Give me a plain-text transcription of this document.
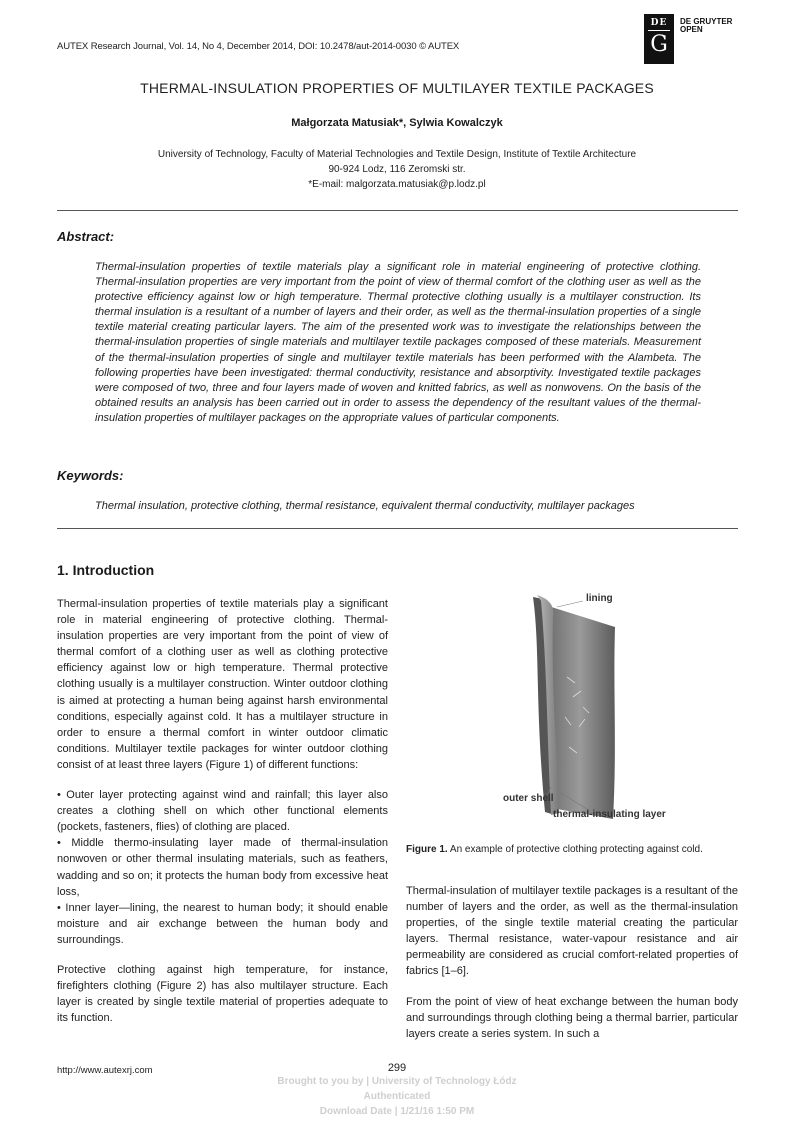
AUTEX Research Journal, Vol. 14, No 4, December 2014, DOI: 10.2478/aut-2014-0030 © AUTEX
DE
G
DE GRUYTER
OPEN
THERMAL-INSULATION PROPERTIES OF MULTILAYER TEXTILE PACKAGES
Małgorzata Matusiak*, Sylwia Kowalczyk
University of Technology, Faculty of Material Technologies and Textile Design, Institute of Textile Architecture
90-924 Lodz, 116 Zeromski str.
*E-mail: malgorzata.matusiak@p.lodz.pl
Abstract:
Thermal-insulation properties of textile materials play a significant role in material engineering of protective clothing. Thermal-insulation properties are very important from the point of view of thermal comfort of the clothing user as well as the protective efficiency against low or high temperature. Thermal protective clothing usually is a multilayer construction. Its thermal insulation is a resultant of a number of layers and their order, as well as the thermal-insulation properties of a single textile material creating particular layers. The aim of the presented work was to investigate the relationships between the thermal-insulation properties of single materials and multilayer textile packages composed of these materials. Measurement of the thermal-insulation properties of single and multilayer textile materials has been performed with the Alambeta. The following properties have been investigated: thermal conductivity, resistance and absorptivity. Investigated textile packages were composed of two, three and four layers made of woven and knitted fabrics, as well as nonwovens. On the basis of the obtained results an analysis has been carried out in order to assess the dependency of the resultant values of the thermal-insulation properties of multilayer packages on the appropriate values of particular components.
Keywords:
Thermal insulation, protective clothing, thermal resistance, equivalent thermal conductivity, multilayer packages
1. Introduction

Thermal-insulation properties of textile materials play a significant role in material engineering of protective clothing. Thermal-insulation properties are very important from the point of view of thermal comfort of a clothing user as well as clothing protective efficiency against low or high temperature. Thermal protective clothing usually is a multilayer construction. Winter outdoor clothing is aimed at protecting a human being against harsh environmental conditions, especially against cold. It has a multilayer structure in order to ensure a thermal comfort in winter outdoor climatic conditions. Multilayer textile packages for winter outdoor clothing consist of at least three layers (Figure 1) of different functions:

• Outer layer protecting against wind and rainfall; this layer also creates a clothing shell on which other functional elements (pockets, fasteners, flies) of clothing are placed.

• Middle thermo-insulating layer made of thermal-insulation nonwoven or other thermal insulating materials, such as feathers, wadding and so on; it protects the human body from excessive heat loss,

• Inner layer—lining, the nearest to human body; it should enable moisture and air exchange between the human body and surroundings.

Protective clothing against high temperature, for instance, firefighters clothing (Figure 2) has also multilayer structure. Each layer is created by single textile material of properties adequate to its function.

lining
outer shell
thermal-insulating layer
Figure 1. An example of protective clothing protecting against cold.

Thermal-insulation of multilayer textile packages is a resultant of the number of layers and the order, as well as the thermal-insulation properties, of the single textile material creating the particular layers. Thermal resistance, water-vapour resistance and air permeability are considered as crucial comfort-related properties of fabrics [1–6].

From the point of view of heat exchange between the human body and surroundings through clothing being a thermal barrier, particular layers create a series system. In such a

http://www.autexrj.com	299
Brought to you by | University of Technology Łódz
Authenticated
Download Date | 1/21/16 1:50 PM
